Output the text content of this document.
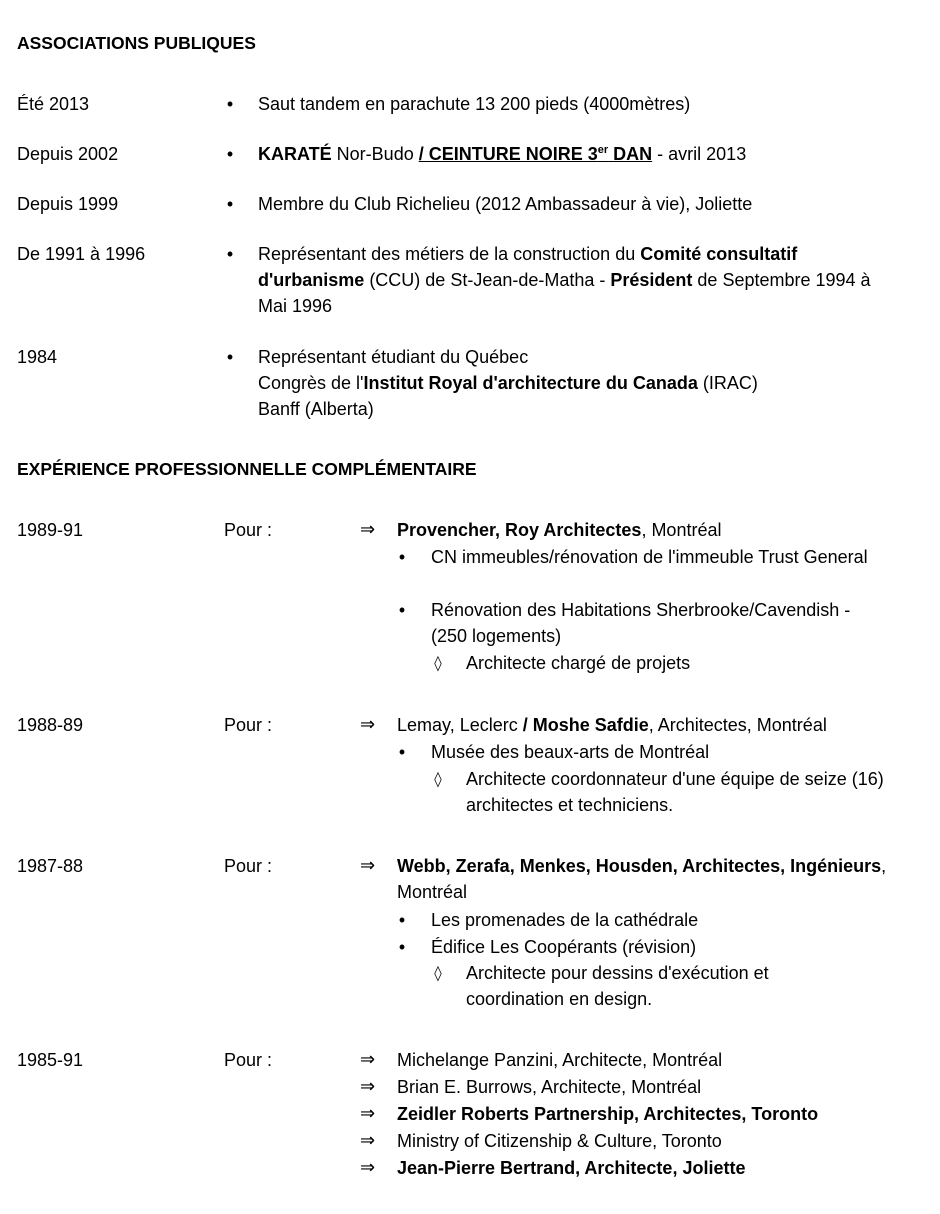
ASSOCIATIONS PUBLIQUES
Été 2013	• Saut tandem en parachute 13 200 pieds (4000mètres)
Depuis 2002	• KARATÉ Nor-Budo / CEINTURE NOIRE 3er DAN - avril 2013
Depuis 1999	• Membre du Club Richelieu (2012 Ambassadeur à vie), Joliette
De 1991 à 1996	• Représentant des métiers de la construction du Comité consultatif d'urbanisme (CCU) de St-Jean-de-Matha - Président de Septembre 1994 à Mai 1996
1984	• Représentant étudiant du Québec
Congrès de l'Institut Royal d'architecture du Canada (IRAC)
Banff (Alberta)
EXPÉRIENCE PROFESSIONNELLE COMPLÉMENTAIRE
1989-91	Pour :	⇒	Provencher, Roy Architectes, Montréal
• CN immeubles/rénovation de l'immeuble Trust General
• Rénovation des Habitations Sherbrooke/Cavendish - (250 logements)
◊ Architecte chargé de projets
1988-89	Pour :	⇒	Lemay, Leclerc / Moshe Safdie, Architectes, Montréal
• Musée des beaux-arts de Montréal
◊ Architecte coordonnateur d'une équipe de seize (16) architectes et techniciens.
1987-88	Pour :	⇒	Webb, Zerafa, Menkes, Housden, Architectes, Ingénieurs, Montréal
• Les promenades de la cathédrale
• Édifice Les Coopérants (révision)
◊ Architecte pour dessins d'exécution et coordination en design.
1985-91	Pour :	⇒	Michelange Panzini, Architecte, Montréal
⇒	Brian E. Burrows, Architecte, Montréal
⇒	Zeidler Roberts Partnership, Architectes, Toronto
⇒	Ministry of Citizenship & Culture, Toronto
⇒	Jean-Pierre Bertrand, Architecte, Joliette
